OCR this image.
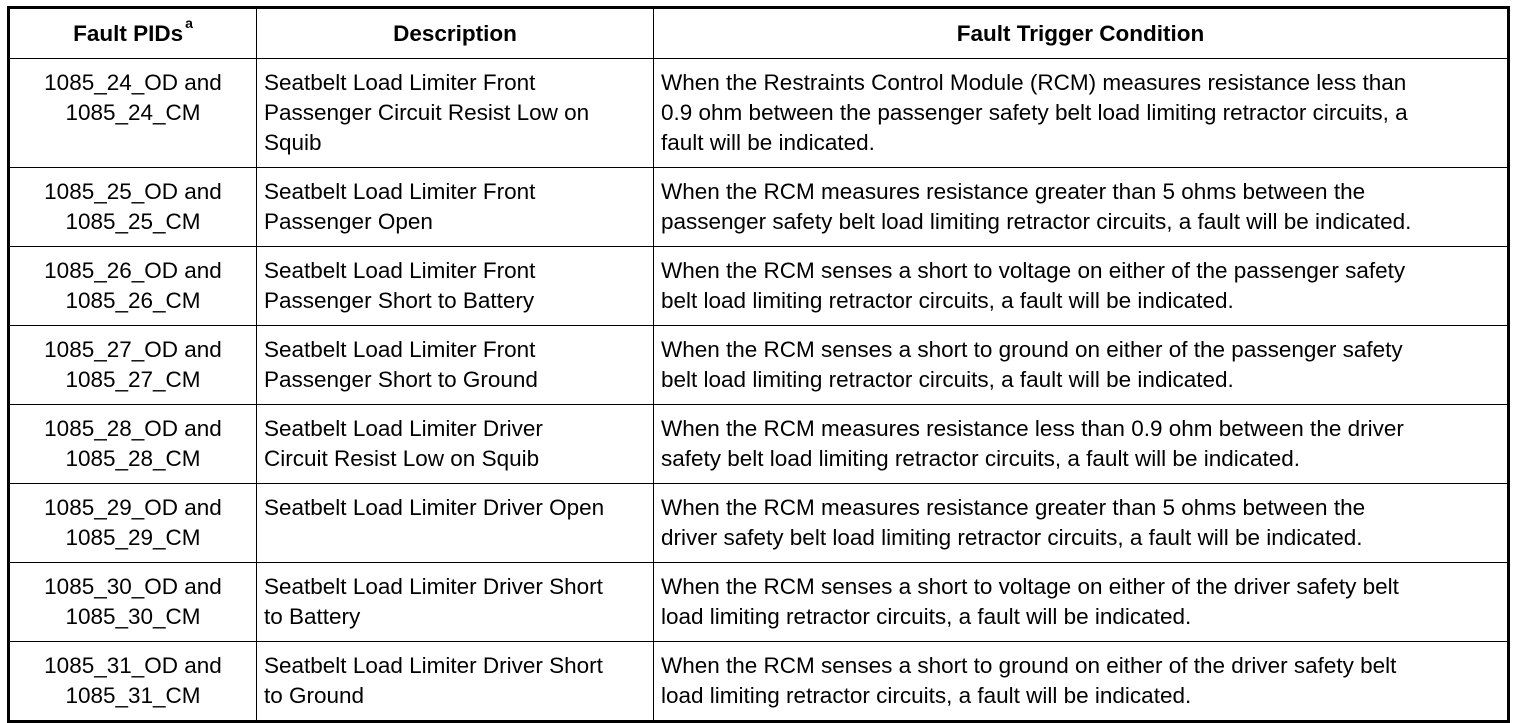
Fault PIDs $^a$	Description	Fault Trigger Condition

1085_24_OD and
1085_24_CM	Seatbelt Load Limiter Front
Passenger Circuit Resist Low on
Squib	When the Restraints Control Module (RCM) measures resistance less than
0.9 ohm between the passenger safety belt load limiting retractor circuits, a
fault will be indicated.

1085_25_OD and
1085_25_CM	Seatbelt Load Limiter Front
Passenger Open	When the RCM measures resistance greater than 5 ohms between the
passenger safety belt load limiting retractor circuits, a fault will be indicated.

1085_26_OD and
1085_26_CM	Seatbelt Load Limiter Front
Passenger Short to Battery	When the RCM senses a short to voltage on either of the passenger safety
belt load limiting retractor circuits, a fault will be indicated.

1085_27_OD and
1085_27_CM	Seatbelt Load Limiter Front
Passenger Short to Ground	When the RCM senses a short to ground on either of the passenger safety
belt load limiting retractor circuits, a fault will be indicated.

1085_28_OD and
1085_28_CM	Seatbelt Load Limiter Driver
Circuit Resist Low on Squib	When the RCM measures resistance less than 0.9 ohm between the driver
safety belt load limiting retractor circuits, a fault will be indicated.

1085_29_OD and
1085_29_CM	Seatbelt Load Limiter Driver Open	When the RCM measures resistance greater than 5 ohms between the
driver safety belt load limiting retractor circuits, a fault will be indicated.

1085_30_OD and
1085_30_CM	Seatbelt Load Limiter Driver Short
to Battery	When the RCM senses a short to voltage on either of the driver safety belt
load limiting retractor circuits, a fault will be indicated.

1085_31_OD and
1085_31_CM	Seatbelt Load Limiter Driver Short
to Ground	When the RCM senses a short to ground on either of the driver safety belt
load limiting retractor circuits, a fault will be indicated.
